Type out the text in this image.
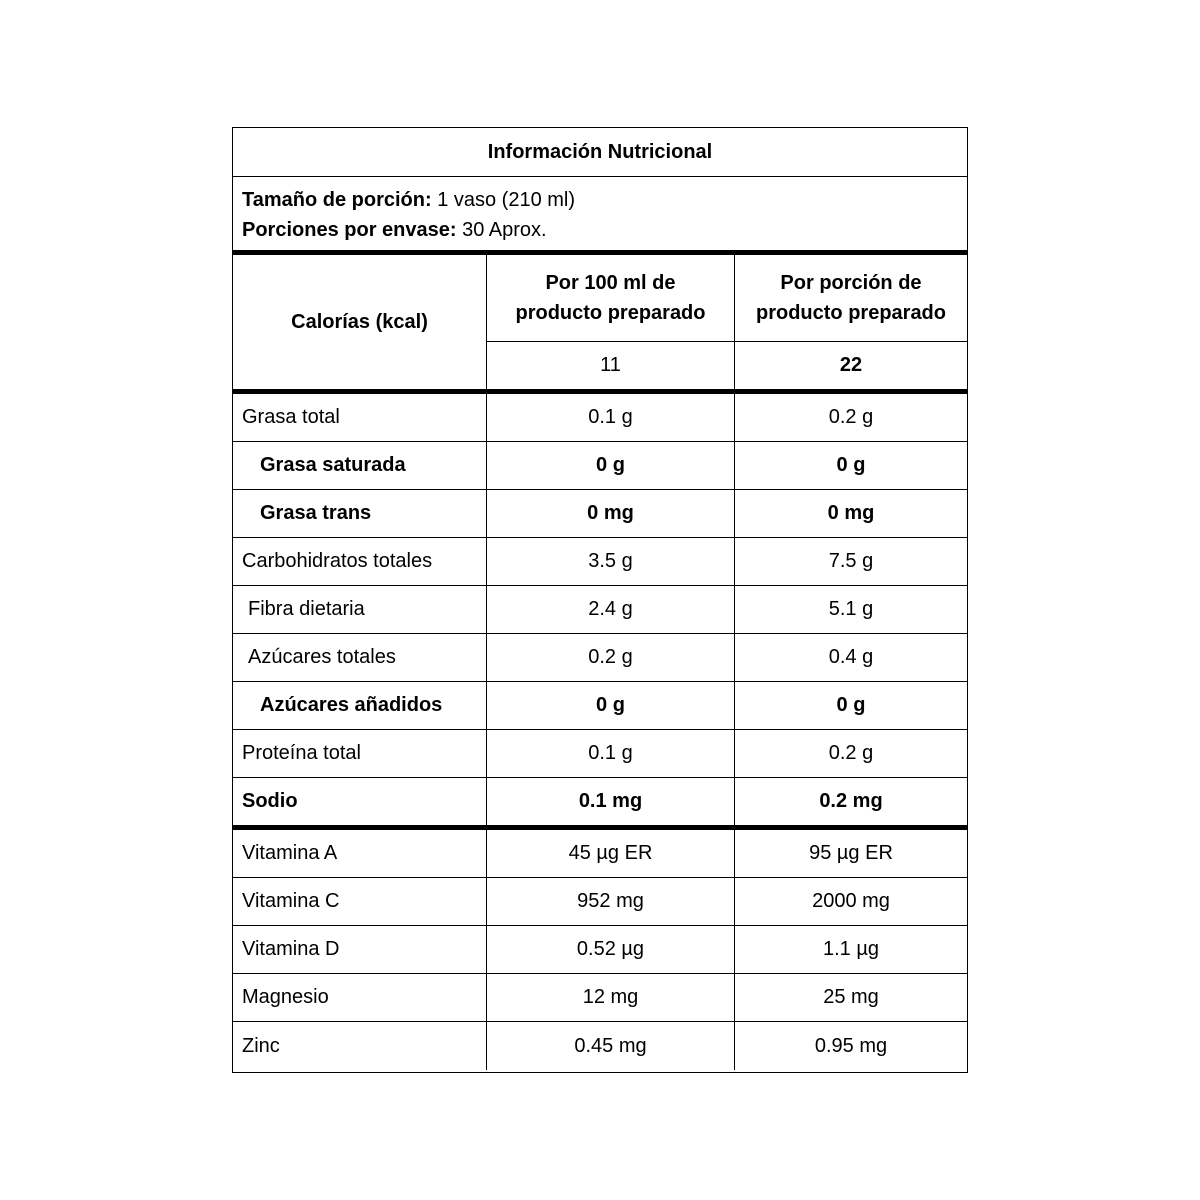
Información Nutricional
Tamaño de porción: 1 vaso (210 ml)
Porciones por envase: 30 Aprox.
Calorías (kcal)
Por 100 ml de
producto preparado
Por porción de
producto preparado
11	22
Grasa total	0.1 g	0.2 g
Grasa saturada	0 g	0 g
Grasa trans	0 mg	0 mg
Carbohidratos totales	3.5 g	7.5 g
Fibra dietaria	2.4 g	5.1 g
Azúcares totales	0.2 g	0.4 g
Azúcares añadidos	0 g	0 g
Proteína total	0.1 g	0.2 g
Sodio	0.1 mg	0.2 mg
Vitamina A	45 µg ER	95 µg ER
Vitamina C	952 mg	2000 mg
Vitamina D	0.52 µg	1.1 µg
Magnesio	12 mg	25 mg
Zinc	0.45 mg	0.95 mg
